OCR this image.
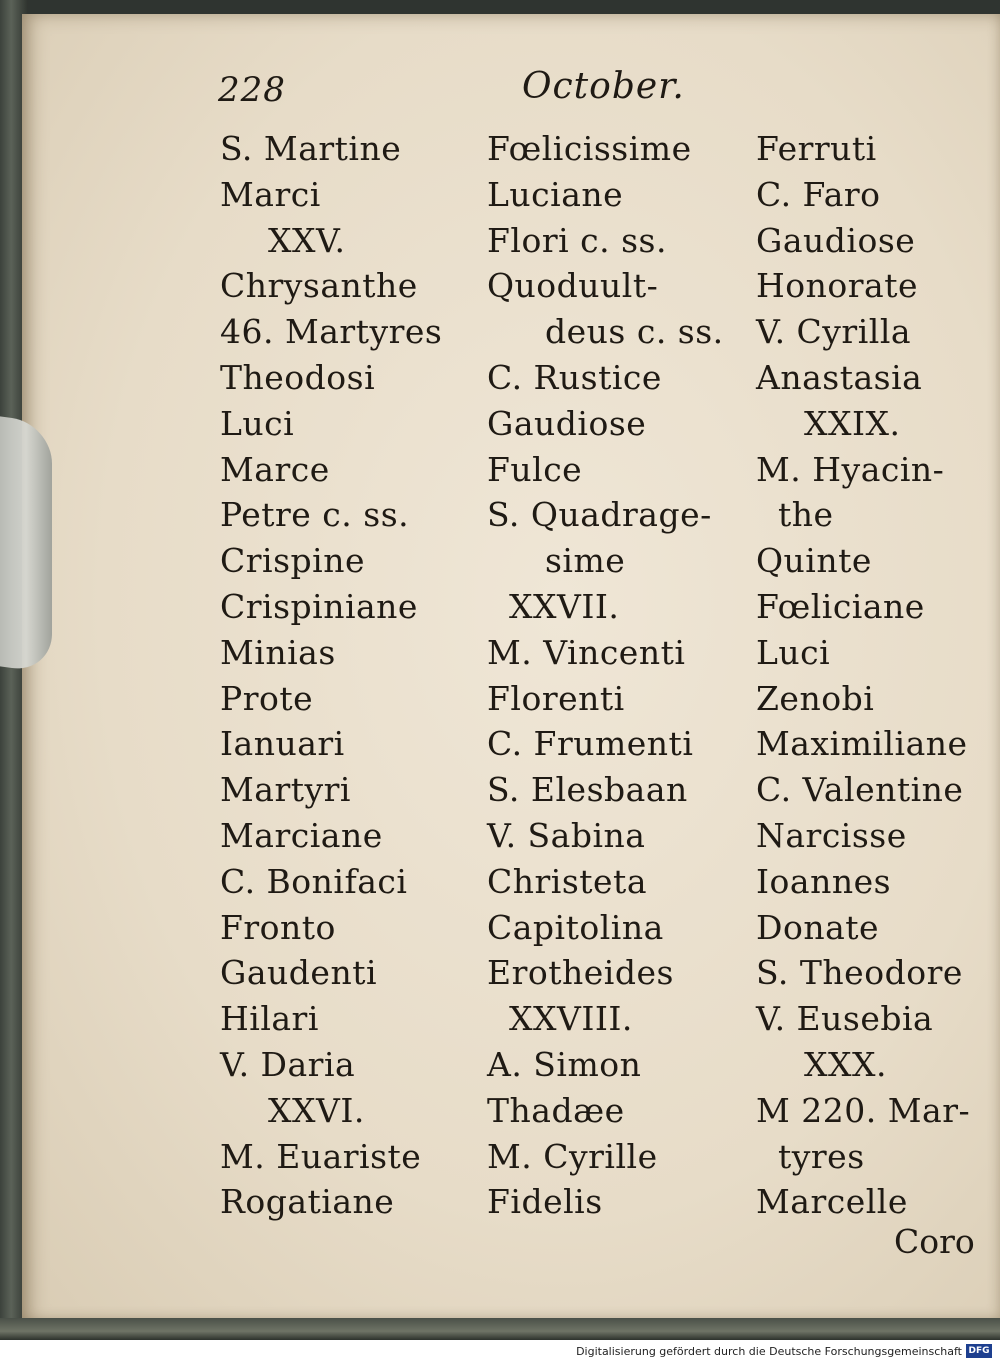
228	October.
S. Martine
Marci
XXV.
Chrysanthe
46. Martyres
Theodosi
Luci
Marce
Petre c. ss.
Crispine
Crispiniane
Minias
Prote
Ianuari
Martyri
Marciane
C. Bonifaci
Fronto
Gaudenti
Hilari
V. Daria
XXVI.
M. Euariste
Rogatiane
Fœlicissime
Luciane
Flori c. ss.
Quoduult-
deus c. ss.
C. Rustice
Gaudiose
Fulce
S. Quadrage-
sime
XXVII.
M. Vincenti
Florenti
C. Frumenti
S. Elesbaan
V. Sabina
Christeta
Capitolina
Erotheides
XXVIII.
A. Simon
Thadæe
M. Cyrille
Fidelis
Ferruti
C. Faro
Gaudiose
Honorate
V. Cyrilla
Anastasia
XXIX.
M. Hyacin-
the
Quinte
Fœliciane
Luci
Zenobi
Maximiliane
C. Valentine
Narcisse
Ioannes
Donate
S. Theodore
V. Eusebia
XXX.
M 220. Mar-
tyres
Marcelle
Coro
Digitalisierung gefördert durch die Deutsche Forschungsgemeinschaft DFG
